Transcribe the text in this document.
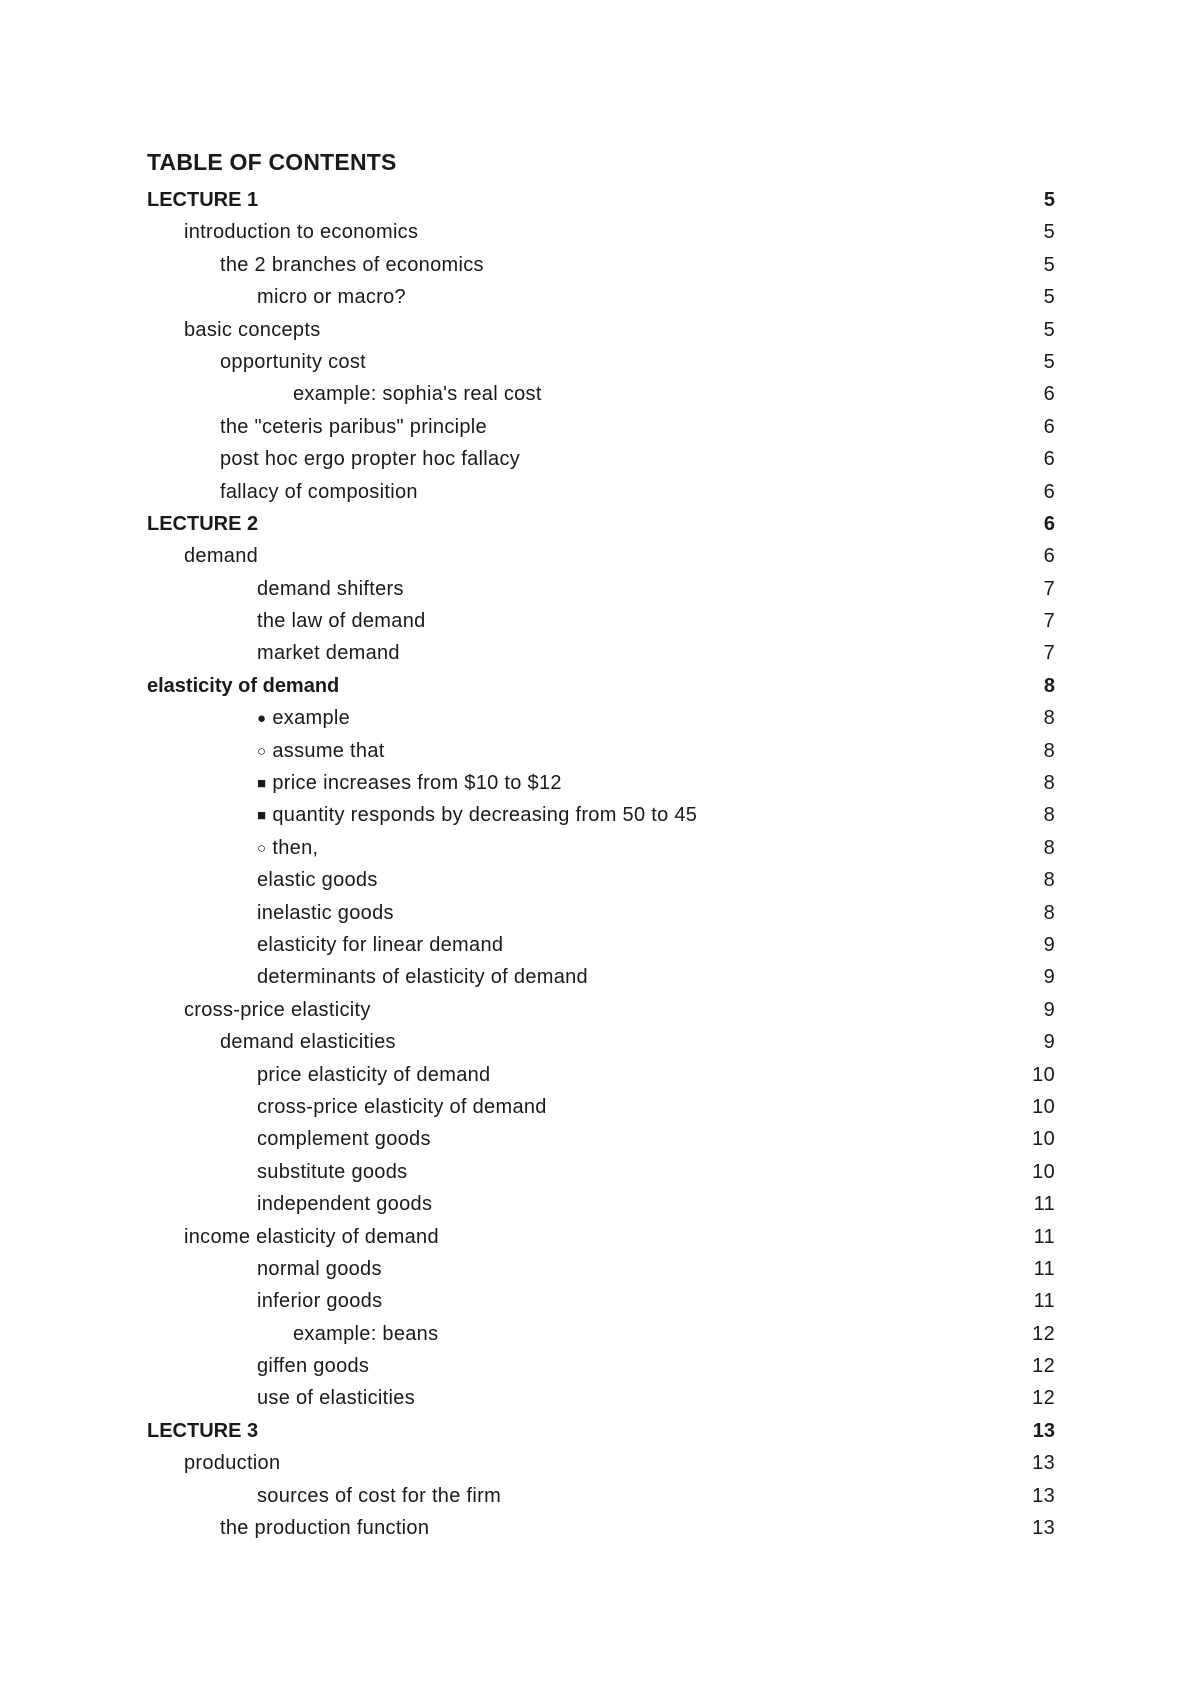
TABLE OF CONTENTS
LECTURE 1	5
introduction to economics	5
the 2 branches of economics	5
micro or macro?	5
basic concepts	5
opportunity cost	5
example: sophia's real cost	6
the "ceteris paribus" principle	6
post hoc ergo propter hoc fallacy	6
fallacy of composition	6
LECTURE 2	6
demand	6
demand shifters	7
the law of demand	7
market demand	7
elasticity of demand	8
● example	8
○ assume that	8
■ price increases from $10 to $12	8
■ quantity responds by decreasing from 50 to 45	8
○ then,	8
elastic goods	8
inelastic goods	8
elasticity for linear demand	9
determinants of elasticity of demand	9
cross-price elasticity	9
demand elasticities	9
price elasticity of demand	10
cross-price elasticity of demand	10
complement goods	10
substitute goods	10
independent goods	11
income elasticity of demand	11
normal goods	11
inferior goods	11
example: beans	12
giffen goods	12
use of elasticities	12
LECTURE 3	13
production	13
sources of cost for the firm	13
the production function	13
